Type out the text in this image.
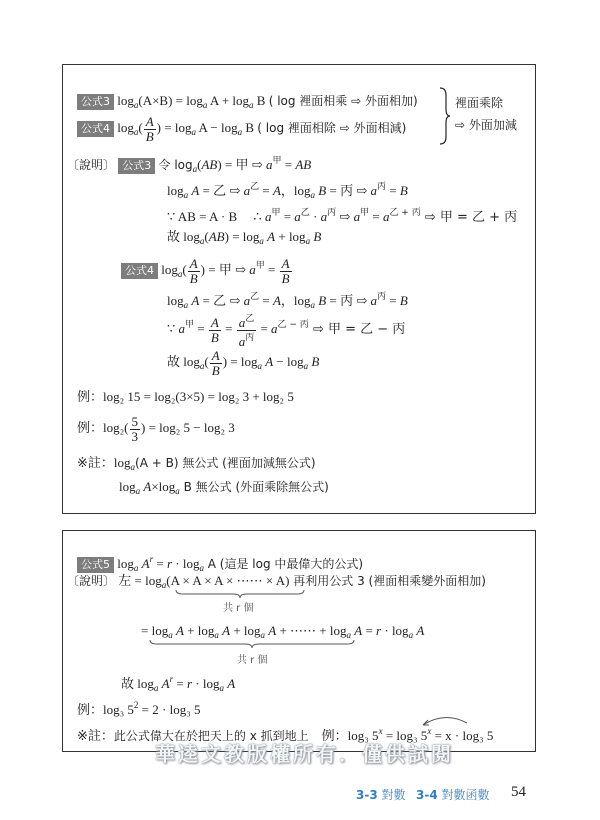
公式3 $\log_a(A\times B) = \log_a A + \log_a B$ ( log 裡面相乘 ⇨ 外面相加)
公式4 $\log_a( \frac{A}{B}$ ) = $\log_a A - \log_a B$ ( log 裡面相除 ⇨ 外面相減)
裡面乘除
⇨ 外面加減
〔說明〕 公式3 令 $\log_a(AB)$ = 甲 ⇨ $a^甲$ = AB
$\log_a A$ = 乙 ⇨ $a^乙 = A$，$\log_a B$ = 丙 ⇨ $a^丙 = B$
∵ AB = A · B     ∴ $a^甲 = a^乙 \cdot a^丙$ ⇨ $a^甲 = a^{乙 + 丙}$ ⇨ 甲 = 乙 + 丙
故 $\log_a(AB) = \log_a A + \log_a B$
公式4 $\log_a( \frac{A}{B}$ ) = 甲 ⇨ $a^甲 = \frac{A}{B}$
$\log_a A$ = 乙 ⇨ $a^乙 = A$，$\log_a B$ = 丙 ⇨ $a^丙 = B$
∵ $a^甲 = \frac{A}{B} = \frac{a^乙}{a^丙} = a^{乙 - 丙}$ ⇨ 甲 = 乙 − 丙
故 $\log_a( \frac{A}{B}$ ) = $\log_a A - \log_a B$
例：log₂ 15 = log₂(3×5) = log₂ 3 + log₂ 5
例：$\log_2( \frac{5}{3}$ ) = log₂ 5 − log₂ 3
※註：$\log_a(A + B)$ 無公式 (裡面加減無公式)
$\log_a A\times\log_a$ B 無公式 (外面乘除無公式)
公式5 $\log_a A^r = r \cdot \log_a A$ (這是 log 中最偉大的公式)
〔說明〕 左 = $\log_a(A \times A \times A$ × ⋯⋯ × A) 再利用公式 3 (裡面相乘變外面相加)
共 r 個
= $\log_a A + \log_a A + \log_a A$ + ⋯⋯ + $\log_a A = r \cdot \log_a A$
共 r 個
故 $\log_a A^r = r \cdot \log_a A$
例：log₃ $5^2 = 2 \cdot \log_3$ 5
※註：此公式偉大在於把天上的 x 抓到地上 例：log₃ $5^x = \log_3$ $5^x = x \cdot \log_3$ 5
華逵文教版權所有．僅供試閱
3-3 對數 3-4 對數函數 54
